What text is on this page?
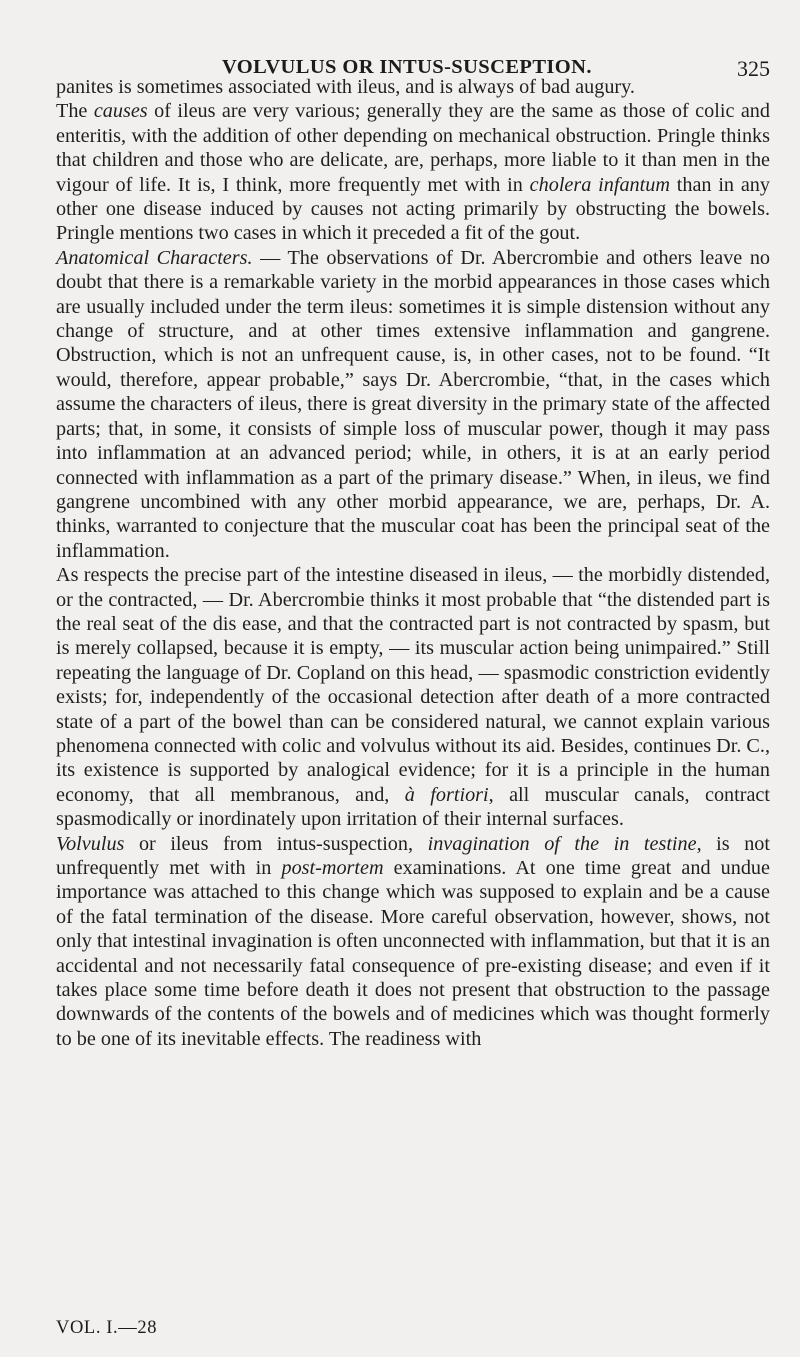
VOLVULUS OR INTUS-SUSCEPTION.	325

panites is sometimes associated with ileus, and is always of bad augury.

The causes of ileus are very various; generally they are the same as those of colic and enteritis, with the addition of other depending on mechanical obstruction. Pringle thinks that children and those who are delicate, are, perhaps, more liable to it than men in the vigour of life. It is, I think, more frequently met with in cholera infantum than in any other one disease induced by causes not acting primarily by obstructing the bowels. Pringle mentions two cases in which it preceded a fit of the gout.

Anatomical Characters. — The observations of Dr. Abercrombie and others leave no doubt that there is a remarkable variety in the morbid appearances in those cases which are usually included under the term ileus: sometimes it is simple distension without any change of structure, and at other times extensive inflammation and gangrene. Obstruction, which is not an unfrequent cause, is, in other cases, not to be found. “It would, therefore, appear probable,” says Dr. Abercrombie, “that, in the cases which assume the characters of ileus, there is great diversity in the primary state of the affected parts; that, in some, it consists of simple loss of muscular power, though it may pass into inflammation at an advanced period; while, in others, it is at an early period connected with inflammation as a part of the primary disease.” When, in ileus, we find gangrene uncombined with any other morbid appearance, we are, perhaps, Dr. A. thinks, warranted to conjecture that the muscular coat has been the principal seat of the inflammation.

As respects the precise part of the intestine diseased in ileus, — the morbidly distended, or the contracted, — Dr. Abercrombie thinks it most probable that “the distended part is the real seat of the dis ease, and that the contracted part is not contracted by spasm, but is merely collapsed, because it is empty, — its muscular action being unimpaired.” Still repeating the language of Dr. Copland on this head, — spasmodic constriction evidently exists; for, independently of the occasional detection after death of a more contracted state of a part of the bowel than can be considered natural, we cannot explain various phenomena connected with colic and volvulus without its aid. Besides, continues Dr. C., its existence is supported by analogical evidence; for it is a principle in the human economy, that all membranous, and, à fortiori, all muscular canals, contract spasmodically or inordinately upon irritation of their internal surfaces.

Volvulus or ileus from intus-suspection, invagination of the in testine, is not unfrequently met with in post-mortem examinations. At one time great and undue importance was attached to this change which was supposed to explain and be a cause of the fatal termination of the disease. More careful observation, however, shows, not only that intestinal invagination is often unconnected with inflammation, but that it is an accidental and not necessarily fatal consequence of pre-existing disease; and even if it takes place some time before death it does not present that obstruction to the passage downwards of the contents of the bowels and of medicines which was thought formerly to be one of its inevitable effects. The readiness with

VOL. I.—28
